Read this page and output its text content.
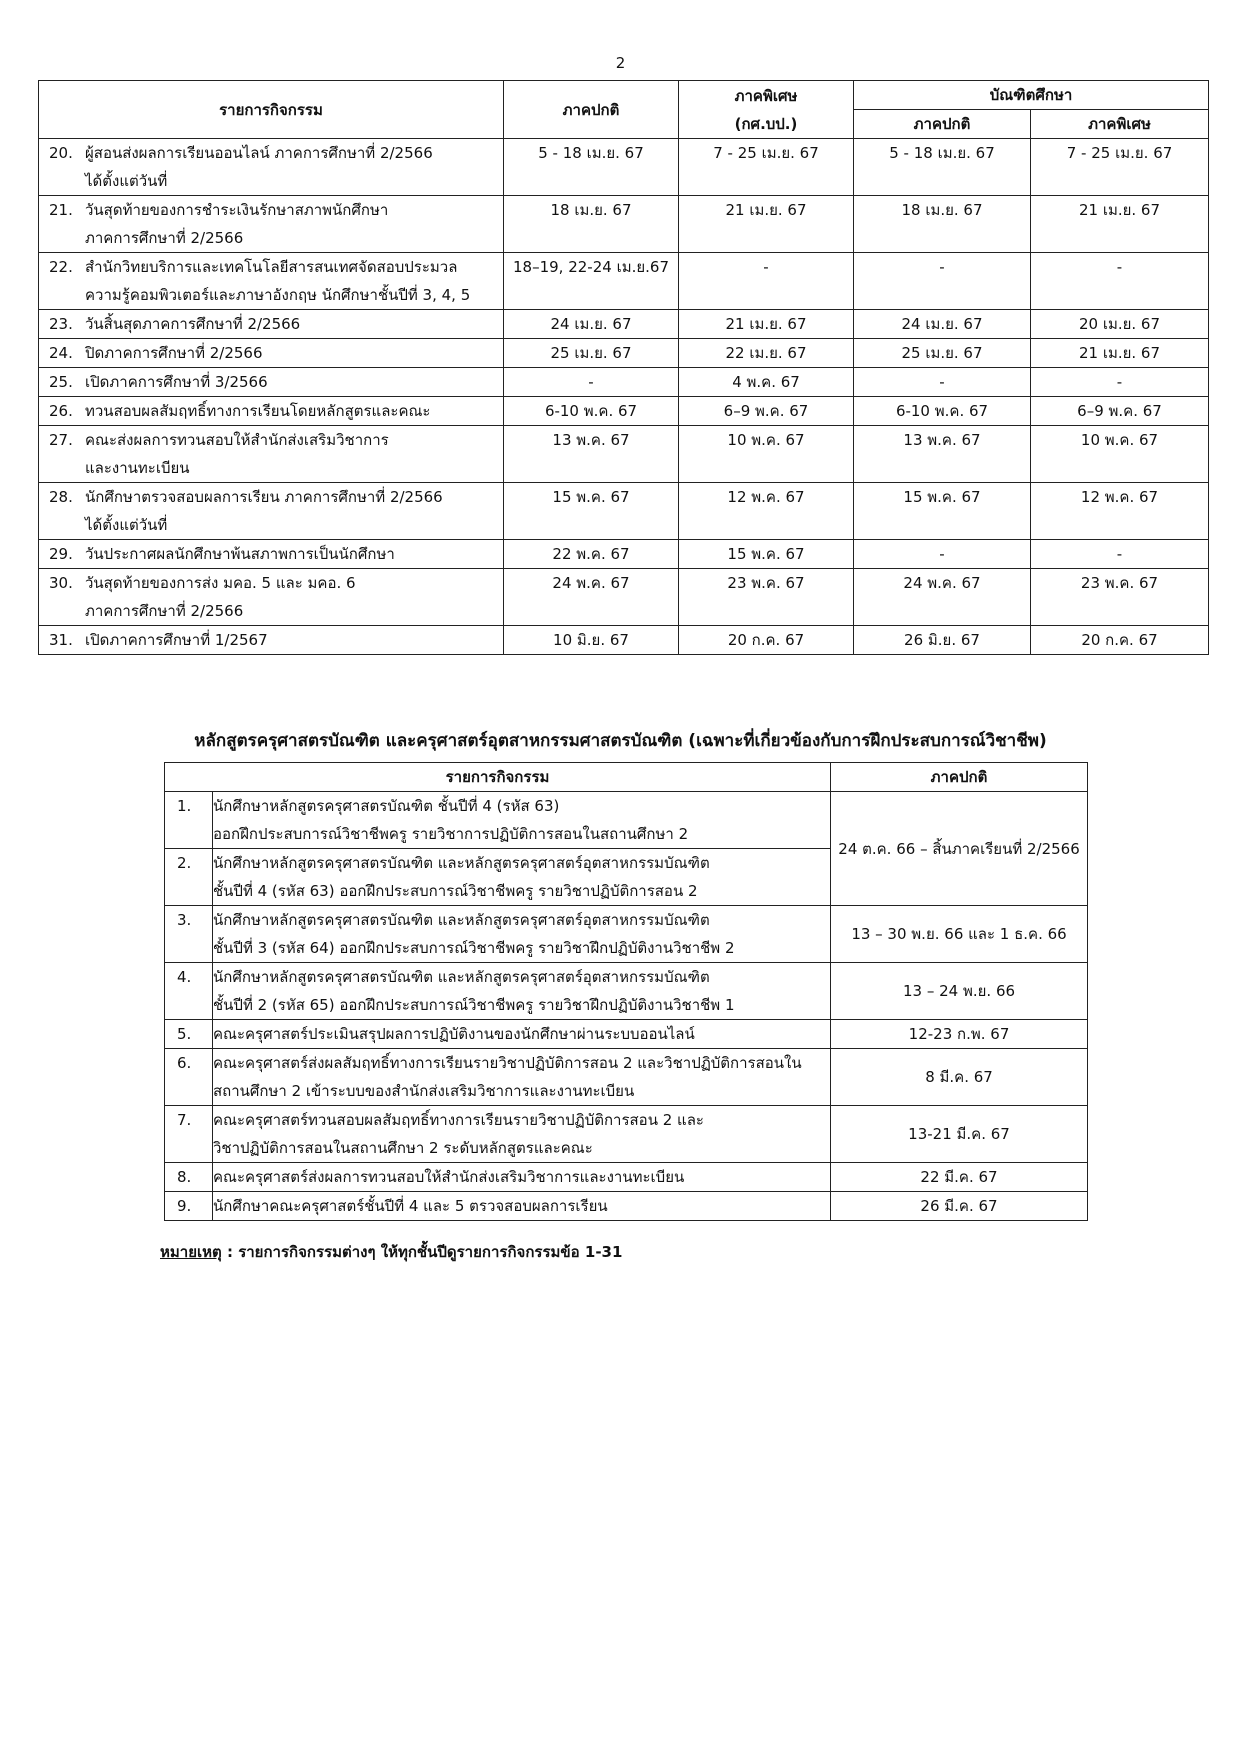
2
รายการกิจกรรม	ภาคปกติ	ภาคพิเศษ
(กศ.บป.)	บัณฑิตศึกษา	
			ภาคปกติ	ภาคพิเศษ
20. ผู้สอนส่งผลการเรียนออนไลน์ ภาคการศึกษาที่ 2/2566
ได้ตั้งแต่วันที่	5 - 18 เม.ย. 67	7 - 25 เม.ย. 67	5 - 18 เม.ย. 67	7 - 25 เม.ย. 67
21. วันสุดท้ายของการชำระเงินรักษาสภาพนักศึกษา
ภาคการศึกษาที่ 2/2566	18 เม.ย. 67	21 เม.ย. 67	18 เม.ย. 67	21 เม.ย. 67
22. สำนักวิทยบริการและเทคโนโลยีสารสนเทศจัดสอบประมวล
ความรู้คอมพิวเตอร์และภาษาอังกฤษ นักศึกษาชั้นปีที่ 3, 4, 5	18–19, 22-24 เม.ย.67	-	-	-
23. วันสิ้นสุดภาคการศึกษาที่ 2/2566	24 เม.ย. 67	21 เม.ย. 67	24 เม.ย. 67	20 เม.ย. 67
24. ปิดภาคการศึกษาที่ 2/2566	25 เม.ย. 67	22 เม.ย. 67	25 เม.ย. 67	21 เม.ย. 67
25. เปิดภาคการศึกษาที่ 3/2566	-	4 พ.ค. 67	-	-
26. ทวนสอบผลสัมฤทธิ์ทางการเรียนโดยหลักสูตรและคณะ	6-10 พ.ค. 67	6–9 พ.ค. 67	6-10 พ.ค. 67	6–9 พ.ค. 67
27. คณะส่งผลการทวนสอบให้สำนักส่งเสริมวิชาการ
และงานทะเบียน	13 พ.ค. 67	10 พ.ค. 67	13 พ.ค. 67	10 พ.ค. 67
28. นักศึกษาตรวจสอบผลการเรียน ภาคการศึกษาที่ 2/2566
ได้ตั้งแต่วันที่	15 พ.ค. 67	12 พ.ค. 67	15 พ.ค. 67	12 พ.ค. 67
29. วันประกาศผลนักศึกษาพ้นสภาพการเป็นนักศึกษา	22 พ.ค. 67	15 พ.ค. 67	-	-
30. วันสุดท้ายของการส่ง มคอ. 5 และ มคอ. 6
ภาคการศึกษาที่ 2/2566	24 พ.ค. 67	23 พ.ค. 67	24 พ.ค. 67	23 พ.ค. 67
31. เปิดภาคการศึกษาที่ 1/2567	10 มิ.ย. 67	20 ก.ค. 67	26 มิ.ย. 67	20 ก.ค. 67
หลักสูตรครุศาสตรบัณฑิต และครุศาสตร์อุตสาหกรรมศาสตรบัณฑิต (เฉพาะที่เกี่ยวข้องกับการฝึกประสบการณ์วิชาชีพ)
รายการกิจกรรม		ภาคปกติ
1.	นักศึกษาหลักสูตรครุศาสตรบัณฑิต ชั้นปีที่ 4 (รหัส 63)
ออกฝึกประสบการณ์วิชาชีพครู รายวิชาการปฏิบัติการสอนในสถานศึกษา 2	24 ต.ค. 66 – สิ้นภาคเรียนที่ 2/2566
2.	นักศึกษาหลักสูตรครุศาสตรบัณฑิต และหลักสูตรครุศาสตร์อุตสาหกรรมบัณฑิต
ชั้นปีที่ 4 (รหัส 63) ออกฝึกประสบการณ์วิชาชีพครู รายวิชาปฏิบัติการสอน 2	

3.	นักศึกษาหลักสูตรครุศาสตรบัณฑิต และหลักสูตรครุศาสตร์อุตสาหกรรมบัณฑิต
ชั้นปีที่ 3 (รหัส 64) ออกฝึกประสบการณ์วิชาชีพครู รายวิชาฝึกปฏิบัติงานวิชาชีพ 2	13 – 30 พ.ย. 66 และ 1 ธ.ค. 66
4.	นักศึกษาหลักสูตรครุศาสตรบัณฑิต และหลักสูตรครุศาสตร์อุตสาหกรรมบัณฑิต
ชั้นปีที่ 2 (รหัส 65) ออกฝึกประสบการณ์วิชาชีพครู รายวิชาฝึกปฏิบัติงานวิชาชีพ 1	13 – 24 พ.ย. 66
5.	คณะครุศาสตร์ประเมินสรุปผลการปฏิบัติงานของนักศึกษาผ่านระบบออนไลน์	12-23 ก.พ. 67
6.	คณะครุศาสตร์ส่งผลสัมฤทธิ์ทางการเรียนรายวิชาปฏิบัติการสอน 2 และวิชาปฏิบัติการสอนใน
สถานศึกษา 2 เข้าระบบของสำนักส่งเสริมวิชาการและงานทะเบียน	8 มี.ค. 67
7.	คณะครุศาสตร์ทวนสอบผลสัมฤทธิ์ทางการเรียนรายวิชาปฏิบัติการสอน 2 และ
วิชาปฏิบัติการสอนในสถานศึกษา 2 ระดับหลักสูตรและคณะ	13-21 มี.ค. 67
8.	คณะครุศาสตร์ส่งผลการทวนสอบให้สำนักส่งเสริมวิชาการและงานทะเบียน	22 มี.ค. 67
9.	นักศึกษาคณะครุศาสตร์ชั้นปีที่ 4 และ 5 ตรวจสอบผลการเรียน	26 มี.ค. 67
หมายเหตุ : รายการกิจกรรมต่างๆ ให้ทุกชั้นปีดูรายการกิจกรรมข้อ 1-31
